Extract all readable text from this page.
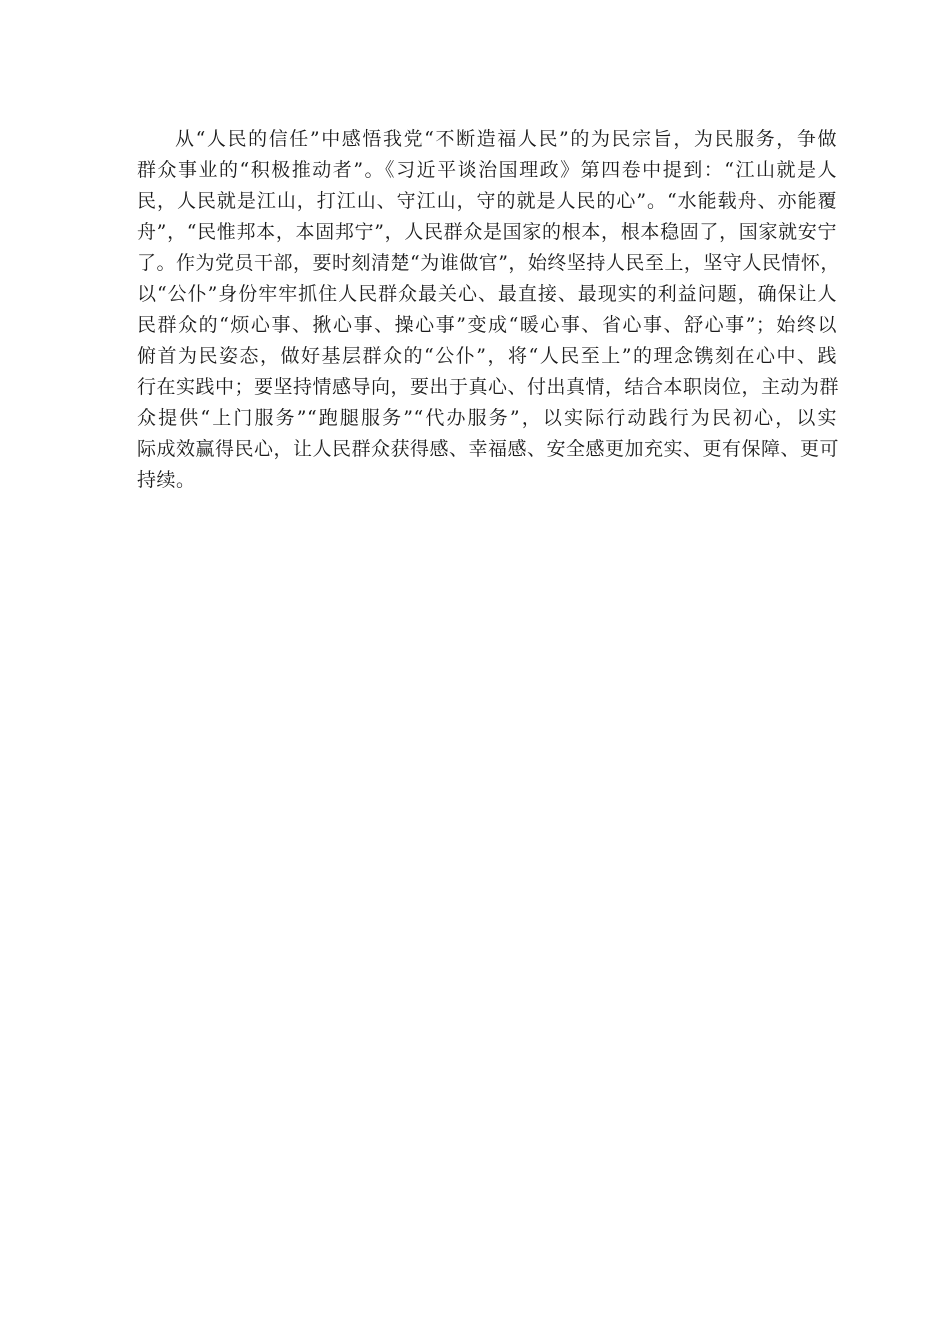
从“人民的信任”中感悟我党“不断造福人民”的为民宗旨，为民服务，争做
群众事业的“积极推动者”。《习近平谈治国理政》第四卷中提到：“江山就是人
民，人民就是江山，打江山、守江山，守的就是人民的心”。“水能载舟、亦能覆
舟”，“民惟邦本，本固邦宁”，人民群众是国家的根本，根本稳固了，国家就安宁
了。作为党员干部，要时刻清楚“为谁做官”，始终坚持人民至上，坚守人民情怀，
以“公仆”身份牢牢抓住人民群众最关心、最直接、最现实的利益问题，确保让人
民群众的“烦心事、揪心事、操心事”变成“暖心事、省心事、舒心事”；始终以
俯首为民姿态，做好基层群众的“公仆”，将“人民至上”的理念镌刻在心中、践
行在实践中；要坚持情感导向，要出于真心、付出真情，结合本职岗位，主动为群
众提供“上门服务”“跑腿服务”“代办服务”，以实际行动践行为民初心，以实
际成效赢得民心，让人民群众获得感、幸福感、安全感更加充实、更有保障、更可
持续。
